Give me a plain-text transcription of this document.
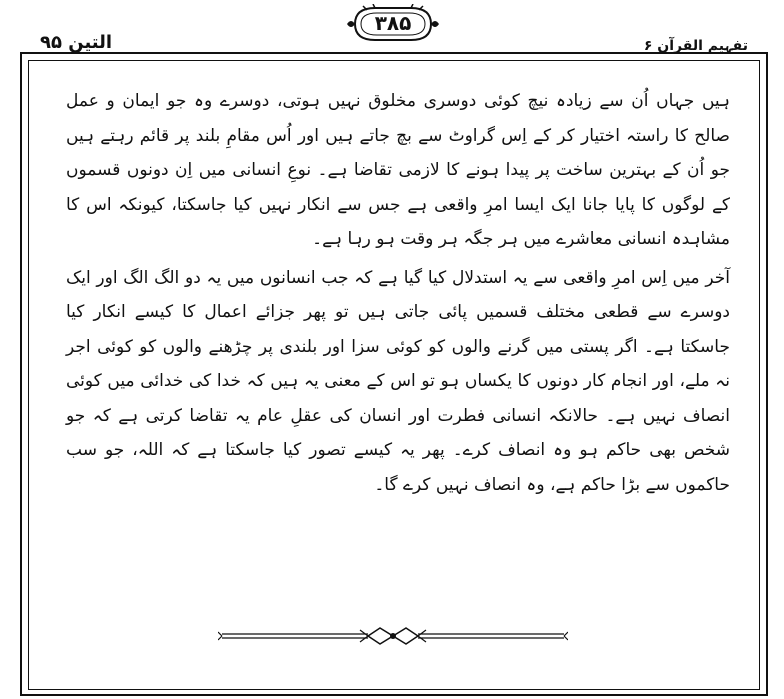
التین ۹۵
۳۸۵
تفہیم القرآن ۶

ہیں جہاں اُن سے زیادہ نیچ کوئی دوسری مخلوق نہیں ہوتی، دوسرے وہ جو ایمان و عمل صالح کا راستہ اختیار کر کے اِس گراوٹ سے بچ جاتے ہیں اور اُس مقامِ بلند پر قائم رہتے ہیں جو اُن کے بہترین ساخت پر پیدا ہونے کا لازمی تقاضا ہے۔ نوعِ انسانی میں اِن دونوں قسموں کے لوگوں کا پایا جانا ایک ایسا امرِ واقعی ہے جس سے انکار نہیں کیا جاسکتا، کیونکہ اس کا مشاہدہ انسانی معاشرے میں ہر جگہ ہر وقت ہو رہا ہے۔

آخر میں اِس امرِ واقعی سے یہ استدلال کیا گیا ہے کہ جب انسانوں میں یہ دو الگ الگ اور ایک دوسرے سے قطعی مختلف قسمیں پائی جاتی ہیں تو پھر جزائے اعمال کا کیسے انکار کیا جاسکتا ہے۔ اگر پستی میں گرنے والوں کو کوئی سزا اور بلندی پر چڑھنے والوں کو کوئی اجر نہ ملے، اور انجام کار دونوں کا یکساں ہو تو اس کے معنی یہ ہیں کہ خدا کی خدائی میں کوئی انصاف نہیں ہے۔ حالانکہ انسانی فطرت اور انسان کی عقلِ عام یہ تقاضا کرتی ہے کہ جو شخص بھی حاکم ہو وہ انصاف کرے۔ پھر یہ کیسے تصور کیا جاسکتا ہے کہ اللہ، جو سب حاکموں سے بڑا حاکم ہے، وہ انصاف نہیں کرے گا۔
